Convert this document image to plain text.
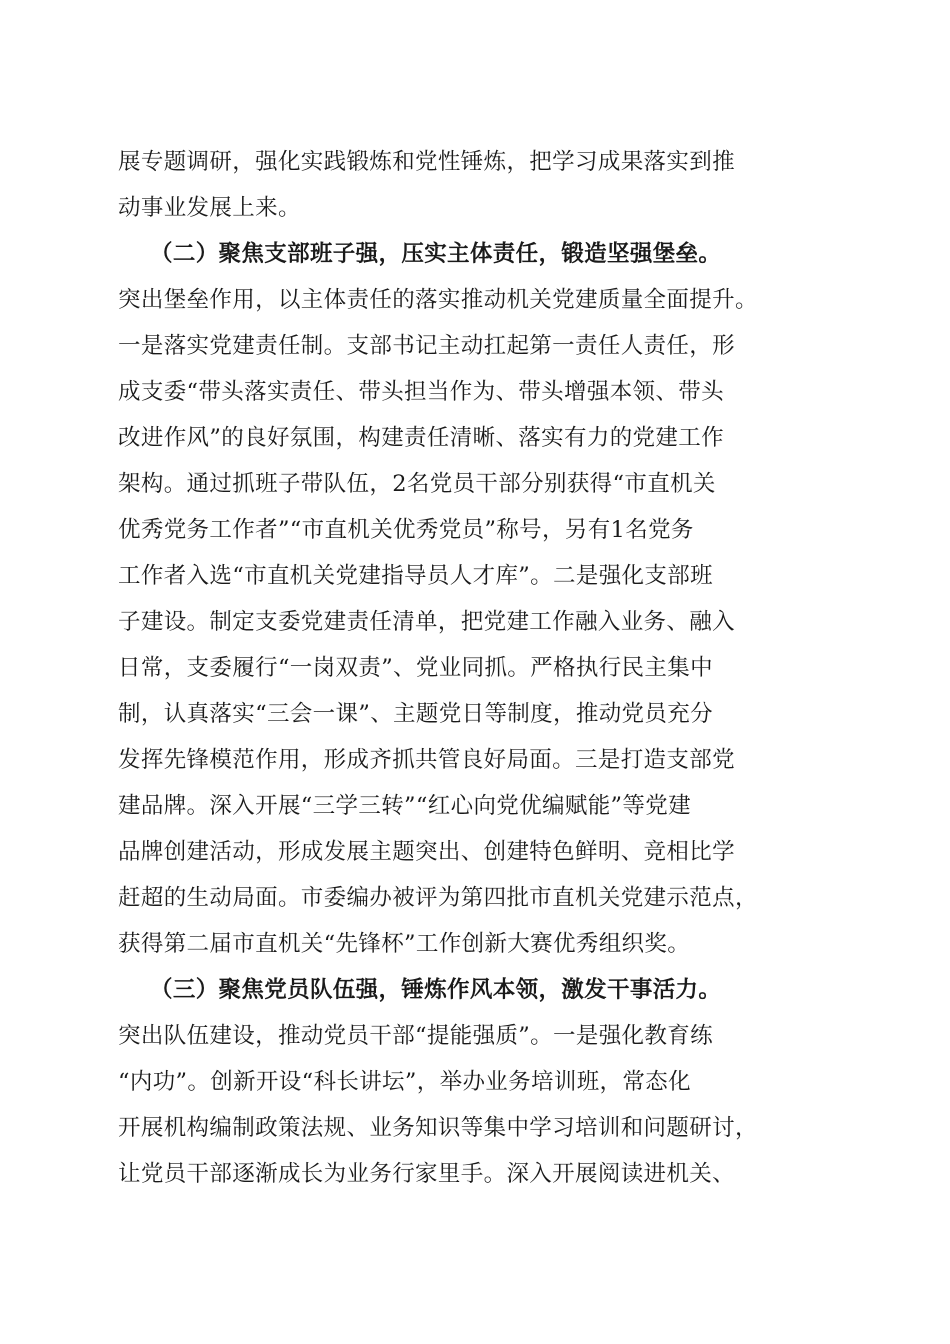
展专题调研，强化实践锻炼和党性锤炼，把学习成果落实到推
动事业发展上来。
（二）聚焦支部班子强，压实主体责任，锻造坚强堡垒。
突出堡垒作用，以主体责任的落实推动机关党建质量全面提升。
一是落实党建责任制。支部书记主动扛起第一责任人责任，形
成支委“带头落实责任、带头担当作为、带头增强本领、带头
改进作风”的良好氛围，构建责任清晰、落实有力的党建工作
架构。通过抓班子带队伍，2名党员干部分别获得“市直机关
优秀党务工作者”“市直机关优秀党员”称号，另有1名党务
工作者入选“市直机关党建指导员人才库”。二是强化支部班
子建设。制定支委党建责任清单，把党建工作融入业务、融入
日常，支委履行“一岗双责”、党业同抓。严格执行民主集中
制，认真落实“三会一课”、主题党日等制度，推动党员充分
发挥先锋模范作用，形成齐抓共管良好局面。三是打造支部党
建品牌。深入开展“三学三转”“红心向党优编赋能”等党建
品牌创建活动，形成发展主题突出、创建特色鲜明、竞相比学
赶超的生动局面。市委编办被评为第四批市直机关党建示范点，
获得第二届市直机关“先锋杯”工作创新大赛优秀组织奖。
（三）聚焦党员队伍强，锤炼作风本领，激发干事活力。
突出队伍建设，推动党员干部“提能强质”。一是强化教育练
“内功”。创新开设“科长讲坛”，举办业务培训班，常态化
开展机构编制政策法规、业务知识等集中学习培训和问题研讨，
让党员干部逐渐成长为业务行家里手。深入开展阅读进机关、
